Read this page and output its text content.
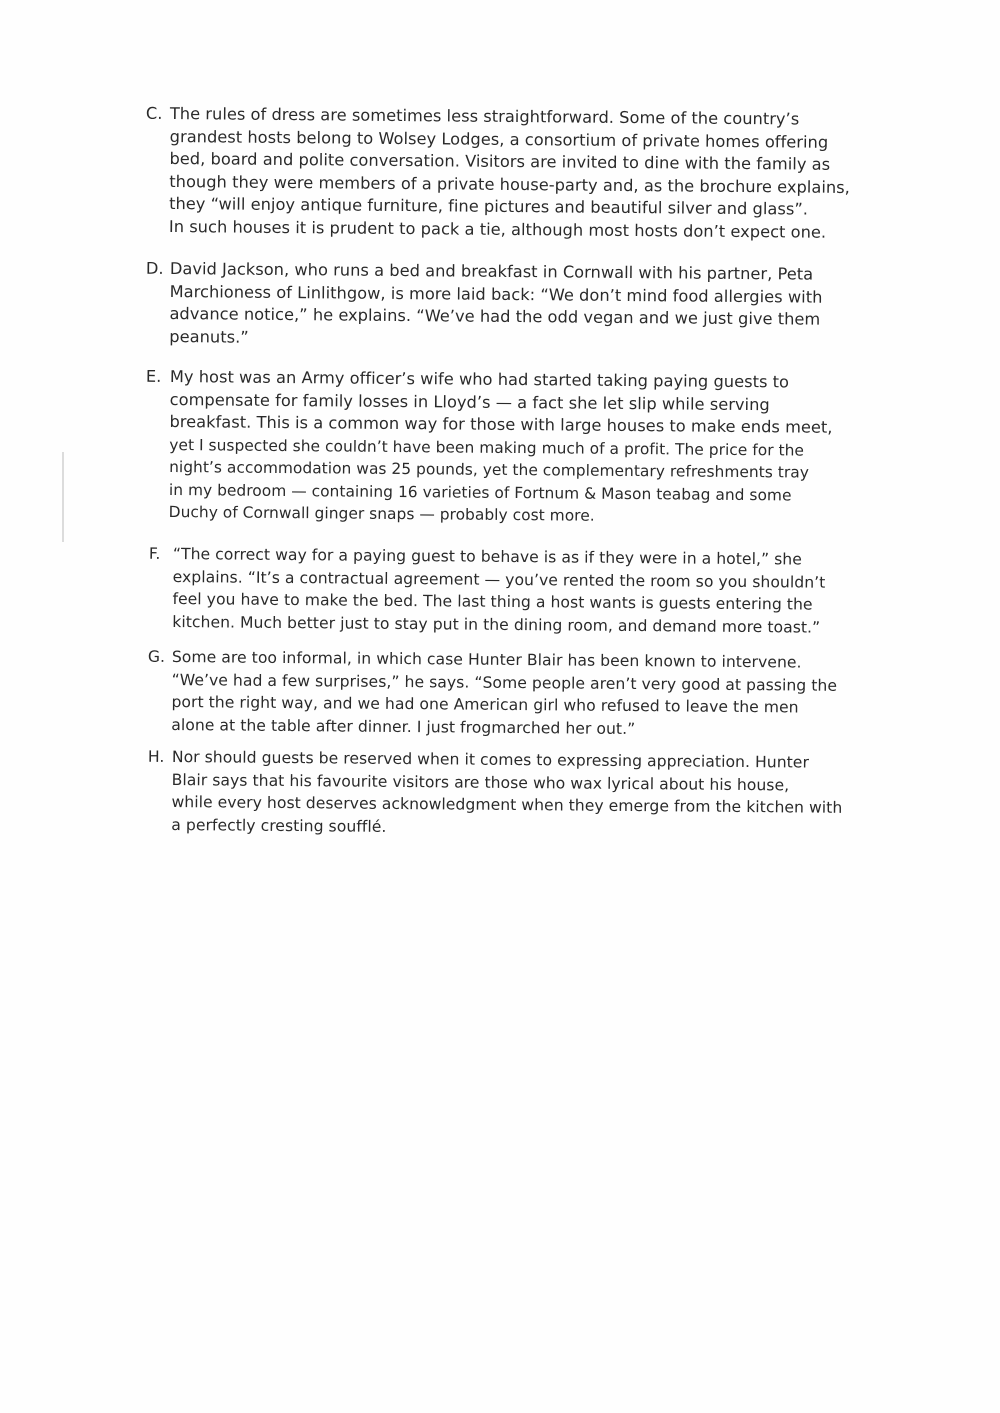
C. The rules of dress are sometimes less straightforward. Some of the country’s
grandest hosts belong to Wolsey Lodges, a consortium of private homes offering
bed, board and polite conversation. Visitors are invited to dine with the family as
though they were members of a private house-party and, as the brochure explains,
they “will enjoy antique furniture, fine pictures and beautiful silver and glass”.
In such houses it is prudent to pack a tie, although most hosts don’t expect one.
D. David Jackson, who runs a bed and breakfast in Cornwall with his partner, Peta
Marchioness of Linlithgow, is more laid back: “We don’t mind food allergies with
advance notice,” he explains. “We’ve had the odd vegan and we just give them
peanuts.”
E. My host was an Army officer’s wife who had started taking paying guests to
compensate for family losses in Lloyd’s — a fact she let slip while serving
breakfast. This is a common way for those with large houses to make ends meet,
yet I suspected she couldn’t have been making much of a profit. The price for the
night’s accommodation was 25 pounds, yet the complementary refreshments tray
in my bedroom — containing 16 varieties of Fortnum & Mason teabag and some
Duchy of Cornwall ginger snaps — probably cost more.
F. “The correct way for a paying guest to behave is as if they were in a hotel,” she
explains. “It’s a contractual agreement — you’ve rented the room so you shouldn’t
feel you have to make the bed. The last thing a host wants is guests entering the
kitchen. Much better just to stay put in the dining room, and demand more toast.”
G. Some are too informal, in which case Hunter Blair has been known to intervene.
“We’ve had a few surprises,” he says. “Some people aren’t very good at passing the
port the right way, and we had one American girl who refused to leave the men
alone at the table after dinner. I just frogmarched her out.”
H. Nor should guests be reserved when it comes to expressing appreciation. Hunter
Blair says that his favourite visitors are those who wax lyrical about his house,
while every host deserves acknowledgment when they emerge from the kitchen with
a perfectly cresting soufflé.
